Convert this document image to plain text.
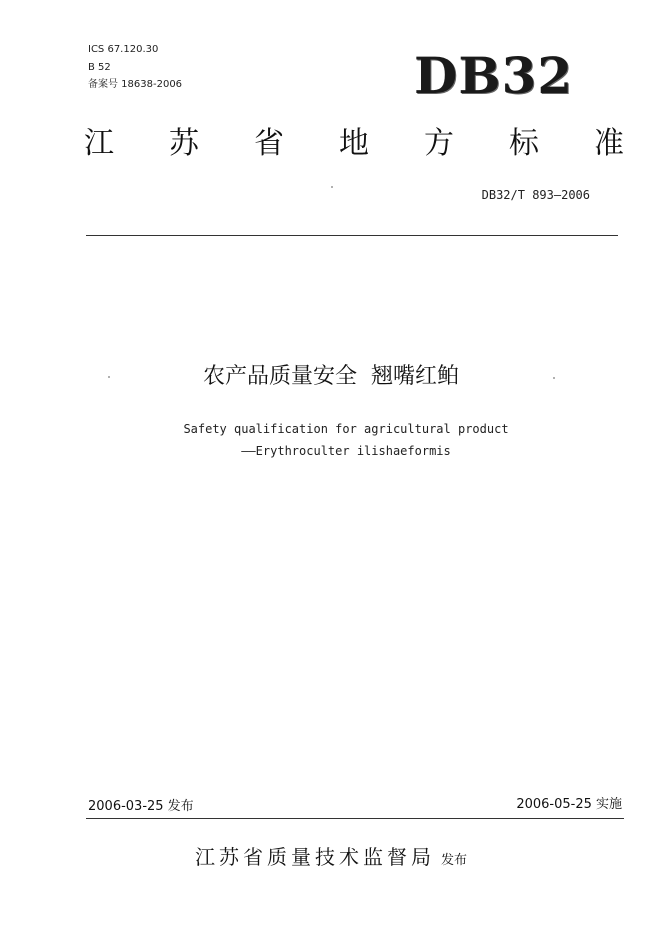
ICS 67.120.30
B 52
备案号 18638-2006	DB32
江 苏 省 地 方 标 准
DB32/T 893—2006
农产品质量安全  翘嘴红鲌
Safety qualification for agricultural product
——Erythroculter ilishaeformis
2006-03-25 发布	2006-05-25 实施
江苏省质量技术监督局 发布
